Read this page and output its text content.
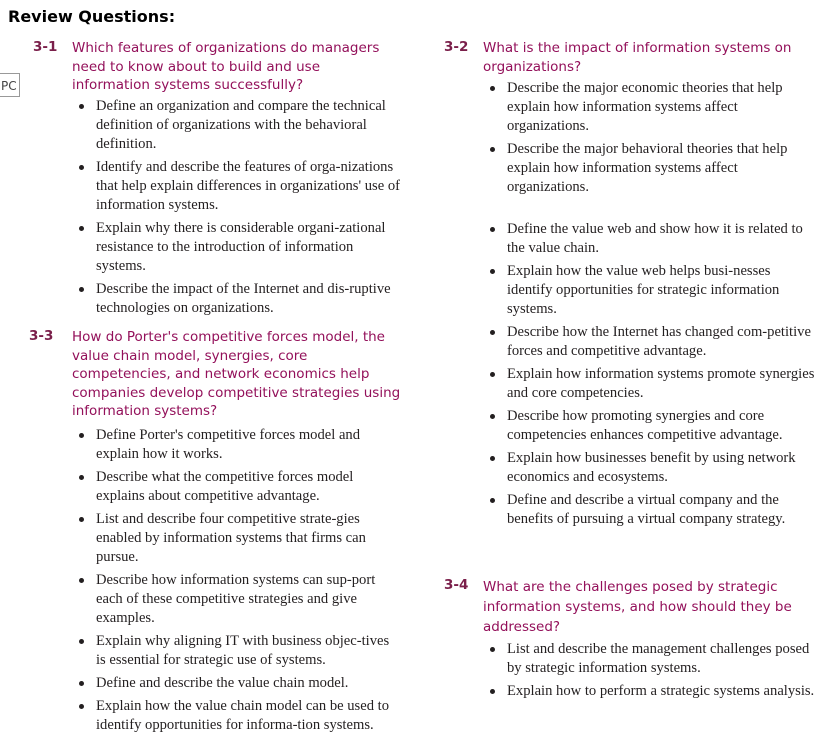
Review Questions:
PC
3-1 Which features of organizations do managers need to know about to build and use information systems successfully?
Define an organization and compare the technical definition of organizations with the behavioral definition.
Identify and describe the features of orga-nizations that help explain differences in organizations' use of information systems.
Explain why there is considerable organi-zational resistance to the introduction of information systems.
Describe the impact of the Internet and dis-ruptive technologies on organizations.
3-3 How do Porter's competitive forces model, the value chain model, synergies, core competencies, and network economics help companies develop competitive strategies using information systems?
Define Porter's competitive forces model and explain how it works.
Describe what the competitive forces model explains about competitive advantage.
List and describe four competitive strate-gies enabled by information systems that firms can pursue.
Describe how information systems can sup-port each of these competitive strategies and give examples.
Explain why aligning IT with business objec-tives is essential for strategic use of systems.
Define and describe the value chain model.
Explain how the value chain model can be used to identify opportunities for informa-tion systems.
3-2 What is the impact of information systems on organizations?
Describe the major economic theories that help explain how information systems affect organizations.
Describe the major behavioral theories that help explain how information systems affect organizations.
Define the value web and show how it is related to the value chain.
Explain how the value web helps busi-nesses identify opportunities for strategic information systems.
Describe how the Internet has changed com-petitive forces and competitive advantage.
Explain how information systems promote synergies and core competencies.
Describe how promoting synergies and core competencies enhances competitive advantage.
Explain how businesses benefit by using network economics and ecosystems.
Define and describe a virtual company and the benefits of pursuing a virtual company strategy.
3-4 What are the challenges posed by strategic information systems, and how should they be addressed?
List and describe the management challenges posed by strategic information systems.
Explain how to perform a strategic systems analysis.
